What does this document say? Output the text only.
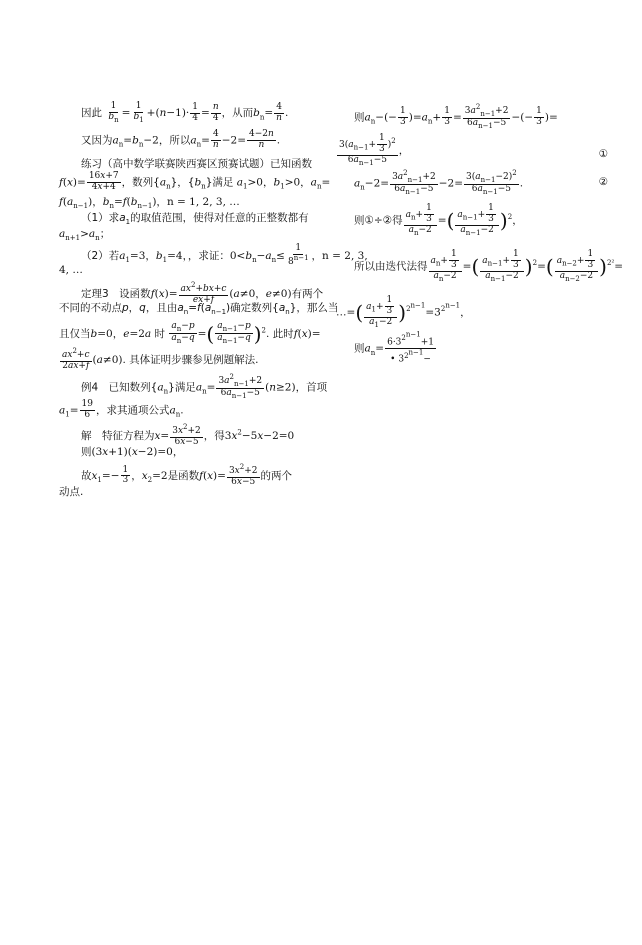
因此 $\frac{1}{b_n} = \frac{1}{b_1} +(n-1)\cdot \frac{1}{4} = \frac{n}{4}$ ，从而$b_n= \frac{4}{n}$ .
又因为$a_n=b_n-2$，所以$a_n= \frac{4}{n} -2= \frac{4-2n}{n}$ .
练习（高中数学联赛陕西赛区预赛试题）已知函数
$f(x)= \frac{16x+7}{4x+4}$ ，数列$\{a_n\}$，$\{b_n\}$满足 $a_1>0$，$b_1>0$，$a_n=$
$f(a_{n-1})$，$b_n=f(b_{n-1})$，n = 1, 2, 3, …
（1）求$a_1$的取值范围，使得对任意的正整数都有
$a_{n+1}>a_n$；
（2）若$a_1=3$，$b_1=4$，，求证：$0<b_n-a_n\le \frac{1}{8^{n-1}}$ ，n = 2, 3,
4, …
定理3　设函数$f(x)= \frac{ax^2+bx+c}{ex+f} (a\ne 0$，e≠0)有两个
不同的不动点p，q，且由$a_n=f(a_{n-1})$确定数列$\{a_n\}$，那么当
且仅当b=0，e=2a 时 $\frac{a_n-p}{a_n-q}$ =( $\frac{a_{n-1}-p}{a_{n-1}-q} )^2$. 此时f(x)=
$\frac{ax^2+c}{2ax+f} (a\ne 0)$. 具体证明步骤参见例题解法.
例4　已知数列$\{a_n\}$满足$a_n= \frac{3a^2_{n-1}+2}{6a_{n-1}-5} (n\ge 2)$，首项
$a_1= \frac{19}{6}$ ，求其通项公式$a_n$.
解　特征方程为$x= \frac{3x^2+2}{6x-5}$ ，得$3x^2-5x-2=0$
则(3x+1)(x−2)=0，
故$x_1=- \frac{1}{3}$ ，$x_2=2$是函数$f(x)= \frac{3x^2+2}{6x-5}$ 的两个
动点.
则$a_n-(- \frac{1}{3} )=a_n+ \frac{1}{3} = \frac{3a^2_{n-1}+2}{6a_{n-1}-5}$ −(− $\frac{1}{3}$ )=
$\frac{3(a_{n-1}+ \frac{1}{3} )^2}{6a_{n-1}-5}$ ，	①
$a_n-2= \frac{3a^2_{n-1}+2}{6a_{n-1}-5} -2= \frac{3(a_{n-1}-2)^2}{6a_{n-1}-5}$ .	②
则①÷②得 $\frac{a_n+ \frac{1}{3}}{a_n-2}$ =( $\frac{a_{n-1}+ \frac{1}{3}}{a_{n-1}-2} )^2$，
所以由迭代法得 $\frac{a_n+ \frac{1}{3}}{a_n-2}$ =( $\frac{a_{n-1}+ \frac{1}{3}}{a_{n-1}-2} )^2=( \frac{a_{n-2}+ \frac{1}{3}}{a_{n-2}-2} )^{2^2}=$
…=( $\frac{a_1+ \frac{1}{3}}{a_1-2} )^{2^{n-1}}=3^{2^{n-1}}$，
则$a_n= \frac{6\cdot 3^{2^{n-1}}+1}{• 3^{2^{n-1}}-}$
